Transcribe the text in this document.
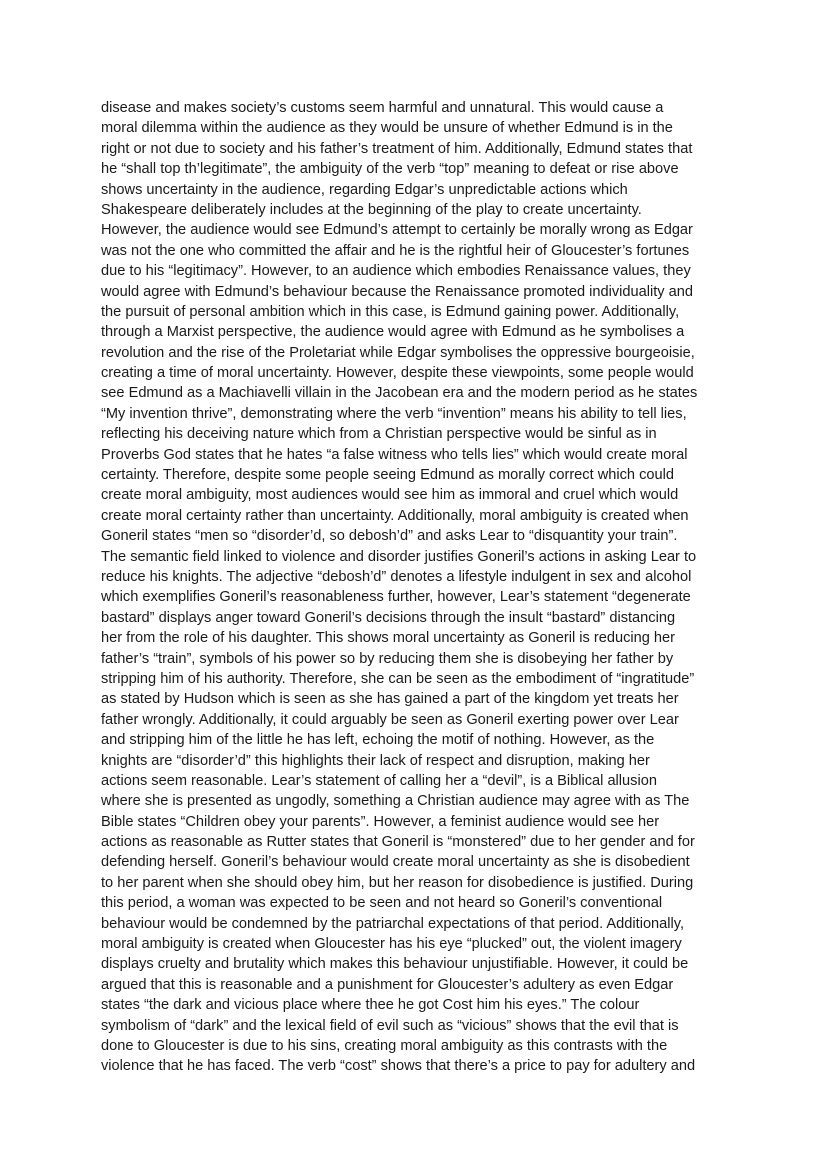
disease and makes society’s customs seem harmful and unnatural. This would cause a
moral dilemma within the audience as they would be unsure of whether Edmund is in the
right or not due to society and his father’s treatment of him. Additionally, Edmund states that
he “shall top th’legitimate”, the ambiguity of the verb “top” meaning to defeat or rise above
shows uncertainty in the audience, regarding Edgar’s unpredictable actions which
Shakespeare deliberately includes at the beginning of the play to create uncertainty.
However, the audience would see Edmund’s attempt to certainly be morally wrong as Edgar
was not the one who committed the affair and he is the rightful heir of Gloucester’s fortunes
due to his “legitimacy”. However, to an audience which embodies Renaissance values, they
would agree with Edmund’s behaviour because the Renaissance promoted individuality and
the pursuit of personal ambition which in this case, is Edmund gaining power. Additionally,
through a Marxist perspective, the audience would agree with Edmund as he symbolises a
revolution and the rise of the Proletariat while Edgar symbolises the oppressive bourgeoisie,
creating a time of moral uncertainty. However, despite these viewpoints, some people would
see Edmund as a Machiavelli villain in the Jacobean era and the modern period as he states
“My invention thrive”, demonstrating where the verb “invention” means his ability to tell lies,
reflecting his deceiving nature which from a Christian perspective would be sinful as in
Proverbs God states that he hates “a false witness who tells lies” which would create moral
certainty. Therefore, despite some people seeing Edmund as morally correct which could
create moral ambiguity, most audiences would see him as immoral and cruel which would
create moral certainty rather than uncertainty. Additionally, moral ambiguity is created when
Goneril states “men so “disorder’d, so debosh’d” and asks Lear to “disquantity your train”.
The semantic field linked to violence and disorder justifies Goneril’s actions in asking Lear to
reduce his knights. The adjective “debosh’d” denotes a lifestyle indulgent in sex and alcohol
which exemplifies Goneril’s reasonableness further, however, Lear’s statement “degenerate
bastard” displays anger toward Goneril’s decisions through the insult “bastard” distancing
her from the role of his daughter. This shows moral uncertainty as Goneril is reducing her
father’s “train”, symbols of his power so by reducing them she is disobeying her father by
stripping him of his authority. Therefore, she can be seen as the embodiment of “ingratitude”
as stated by Hudson which is seen as she has gained a part of the kingdom yet treats her
father wrongly. Additionally, it could arguably be seen as Goneril exerting power over Lear
and stripping him of the little he has left, echoing the motif of nothing. However, as the
knights are “disorder’d” this highlights their lack of respect and disruption, making her
actions seem reasonable. Lear’s statement of calling her a “devil”, is a Biblical allusion
where she is presented as ungodly, something a Christian audience may agree with as The
Bible states “Children obey your parents”. However, a feminist audience would see her
actions as reasonable as Rutter states that Goneril is “monstered” due to her gender and for
defending herself. Goneril’s behaviour would create moral uncertainty as she is disobedient
to her parent when she should obey him, but her reason for disobedience is justified. During
this period, a woman was expected to be seen and not heard so Goneril’s conventional
behaviour would be condemned by the patriarchal expectations of that period. Additionally,
moral ambiguity is created when Gloucester has his eye “plucked” out, the violent imagery
displays cruelty and brutality which makes this behaviour unjustifiable. However, it could be
argued that this is reasonable and a punishment for Gloucester’s adultery as even Edgar
states “the dark and vicious place where thee he got Cost him his eyes.” The colour
symbolism of “dark” and the lexical field of evil such as “vicious” shows that the evil that is
done to Gloucester is due to his sins, creating moral ambiguity as this contrasts with the
violence that he has faced. The verb “cost” shows that there’s a price to pay for adultery and
